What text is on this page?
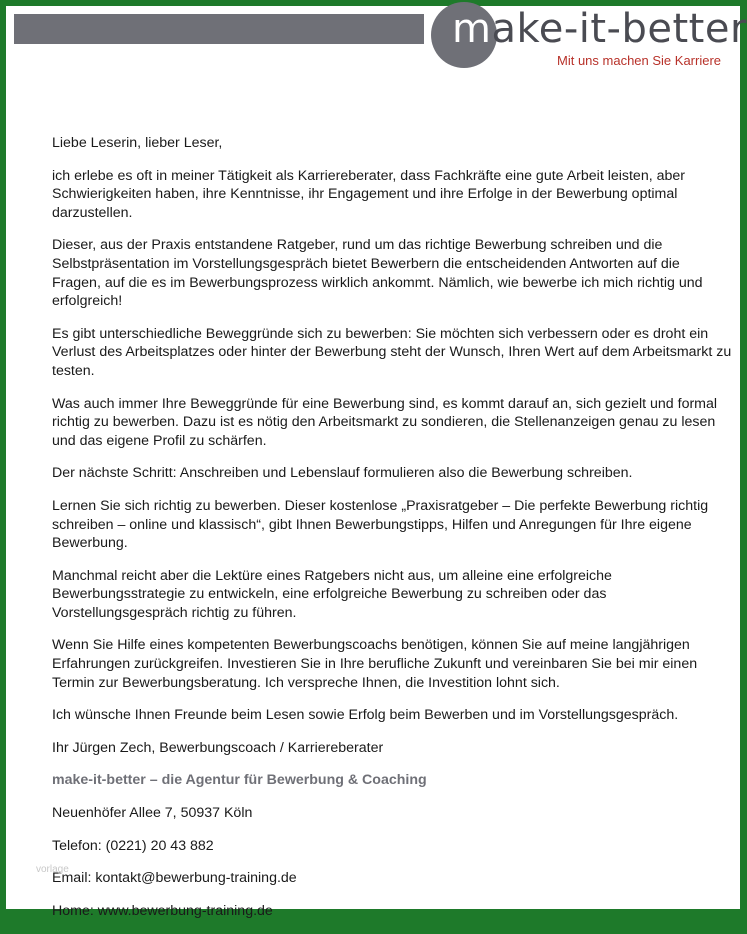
make-it-better
Mit uns machen Sie Karriere

Liebe Leserin, lieber Leser,

ich erlebe es oft in meiner Tätigkeit als Karriereberater, dass Fachkräfte eine gute Arbeit leisten, aber Schwierigkeiten haben, ihre Kenntnisse, ihr Engagement und ihre Erfolge in der Bewerbung optimal darzustellen.

Dieser, aus der Praxis entstandene Ratgeber, rund um das richtige Bewerbung schreiben und die Selbstpräsentation im Vorstellungsgespräch bietet Bewerbern die entscheidenden Antworten auf die Fragen, auf die es im Bewerbungsprozess wirklich ankommt. Nämlich, wie bewerbe ich mich richtig und erfolgreich!

Es gibt unterschiedliche Beweggründe sich zu bewerben: Sie möchten sich verbessern oder es droht ein Verlust des Arbeitsplatzes oder hinter der Bewerbung steht der Wunsch, Ihren Wert auf dem Arbeitsmarkt zu testen.

Was auch immer Ihre Beweggründe für eine Bewerbung sind, es kommt darauf an, sich gezielt und formal richtig zu bewerben. Dazu ist es nötig den Arbeitsmarkt zu sondieren, die Stellenanzeigen genau zu lesen und das eigene Profil zu schärfen.

Der nächste Schritt: Anschreiben und Lebenslauf formulieren also die Bewerbung schreiben.

Lernen Sie sich richtig zu bewerben. Dieser kostenlose „Praxisratgeber – Die perfekte Bewerbung richtig schreiben – online und klassisch“, gibt Ihnen Bewerbungstipps, Hilfen und Anregungen für Ihre eigene Bewerbung.

Manchmal reicht aber die Lektüre eines Ratgebers nicht aus, um alleine eine erfolgreiche Bewerbungsstrategie zu entwickeln, eine erfolgreiche Bewerbung zu schreiben oder das Vorstellungsgespräch richtig zu führen.

Wenn Sie Hilfe eines kompetenten Bewerbungscoachs benötigen, können Sie auf meine langjährigen Erfahrungen zurückgreifen. Investieren Sie in Ihre berufliche Zukunft und vereinbaren Sie bei mir einen Termin zur Bewerbungsberatung. Ich verspreche Ihnen, die Investition lohnt sich.

Ich wünsche Ihnen Freunde beim Lesen sowie Erfolg beim Bewerben und im Vorstellungsgespräch.

Ihr Jürgen Zech, Bewerbungscoach / Karriereberater

make-it-better – die Agentur für Bewerbung & Coaching

Neuenhöfer Allee 7, 50937 Köln

Telefon: (0221) 20 43 882

Email: kontakt@bewerbung-training.de

Home: www.bewerbung-training.de

vorlage
